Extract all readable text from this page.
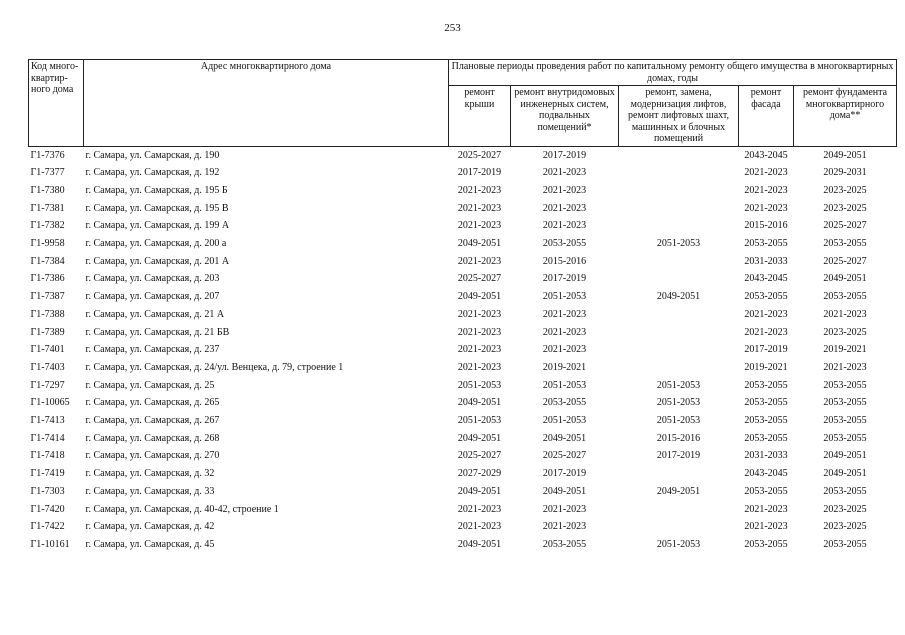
253
Код много-квартир-ного дома	Адрес многоквартирного дома	Плановые периоды проведения работ по капитальному ремонту общего имущества в многоквартирных домах, годы				
		ремонт крыши	ремонт внутридомовых инженерных систем, подвальных помещений*	ремонт, замена, модернизация лифтов, ремонт лифтовых шахт, машинных и блочных помещений	ремонт фасада	ремонт фундамента многоквартирного дома**
Г1-7376	г. Самара, ул. Самарская, д. 190	2025-2027	2017-2019		2043-2045	2049-2051
Г1-7377	г. Самара, ул. Самарская, д. 192	2017-2019	2021-2023		2021-2023	2029-2031
Г1-7380	г. Самара, ул. Самарская, д. 195 Б	2021-2023	2021-2023		2021-2023	2023-2025
Г1-7381	г. Самара, ул. Самарская, д. 195 В	2021-2023	2021-2023		2021-2023	2023-2025
Г1-7382	г. Самара, ул. Самарская, д. 199 А	2021-2023	2021-2023		2015-2016	2025-2027
Г1-9958	г. Самара, ул. Самарская, д. 200 а	2049-2051	2053-2055	2051-2053	2053-2055	2053-2055
Г1-7384	г. Самара, ул. Самарская, д. 201 А	2021-2023	2015-2016		2031-2033	2025-2027
Г1-7386	г. Самара, ул. Самарская, д. 203	2025-2027	2017-2019		2043-2045	2049-2051
Г1-7387	г. Самара, ул. Самарская, д. 207	2049-2051	2051-2053	2049-2051	2053-2055	2053-2055
Г1-7388	г. Самара, ул. Самарская, д. 21 А	2021-2023	2021-2023		2021-2023	2021-2023
Г1-7389	г. Самара, ул. Самарская, д. 21 БВ	2021-2023	2021-2023		2021-2023	2023-2025
Г1-7401	г. Самара, ул. Самарская, д. 237	2021-2023	2021-2023		2017-2019	2019-2021
Г1-7403	г. Самара, ул. Самарская, д. 24/ул. Венцека, д. 79, строение 1	2021-2023	2019-2021		2019-2021	2021-2023
Г1-7297	г. Самара, ул. Самарская, д. 25	2051-2053	2051-2053	2051-2053	2053-2055	2053-2055
Г1-10065	г. Самара, ул. Самарская, д. 265	2049-2051	2053-2055	2051-2053	2053-2055	2053-2055
Г1-7413	г. Самара, ул. Самарская, д. 267	2051-2053	2051-2053	2051-2053	2053-2055	2053-2055
Г1-7414	г. Самара, ул. Самарская, д. 268	2049-2051	2049-2051	2015-2016	2053-2055	2053-2055
Г1-7418	г. Самара, ул. Самарская, д. 270	2025-2027	2025-2027	2017-2019	2031-2033	2049-2051
Г1-7419	г. Самара, ул. Самарская, д. 32	2027-2029	2017-2019		2043-2045	2049-2051
Г1-7303	г. Самара, ул. Самарская, д. 33	2049-2051	2049-2051	2049-2051	2053-2055	2053-2055
Г1-7420	г. Самара, ул. Самарская, д. 40-42, строение 1	2021-2023	2021-2023		2021-2023	2023-2025
Г1-7422	г. Самара, ул. Самарская, д. 42	2021-2023	2021-2023		2021-2023	2023-2025
Г1-10161	г. Самара, ул. Самарская, д. 45	2049-2051	2053-2055	2051-2053	2053-2055	2053-2055
